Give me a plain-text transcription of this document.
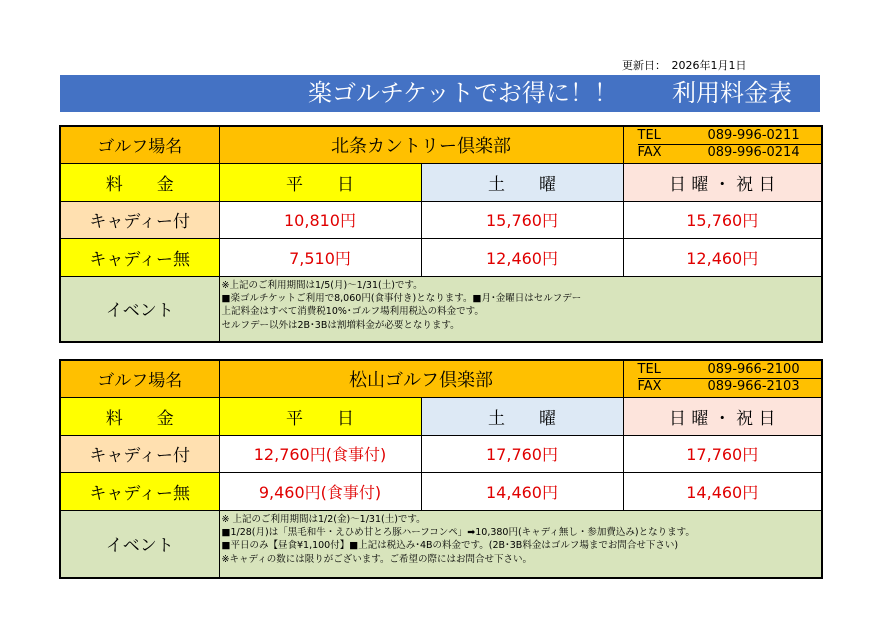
更新日：　2026年1月1日
楽ゴルチケットでお得に！！ 利用料金表
ゴルフ場名	北条カントリー倶楽部		TEL 089-996-0211
FAX 089-996-0214

料　　金	平　　日	土　　曜	日 曜 ・ 祝 日
キャディー付	10,810円	15,760円	15,760円
キャディー無	7,510円	12,460円	12,460円
イベント	※上記のご利用期間は1/5(月)～1/31(土)です。
■楽ゴルチケットご利用で8,060円(食事付き)となります。■月･金曜日はセルフデー
上記料金はすべて消費税10%･ゴルフ場利用税込の料金です。
セルフデー以外は2B･3Bは割増料金が必要となります。		
ゴルフ場名	松山ゴルフ倶楽部		TEL 089-966-2100
FAX 089-966-2103

料　　金	平　　日	土　　曜	日 曜 ・ 祝 日
キャディー付	12,760円(食事付)	17,760円	17,760円
キャディー無	9,460円(食事付)	14,460円	14,460円
イベント	※ 上記のご利用期間は1/2(金)～1/31(土)です。
■1/28(月)は「黒毛和牛・えひめ甘とろ豚ハーフコンペ」➡10,380円(キャディ無し・参加費込み)となります。
■平日のみ【昼食¥1,100付】■上記は税込み･4Bの料金です。(2B･3B料金はゴルフ場までお問合せ下さい)
※キャディの数には限りがございます。ご希望の際にはお問合せ下さい。		
